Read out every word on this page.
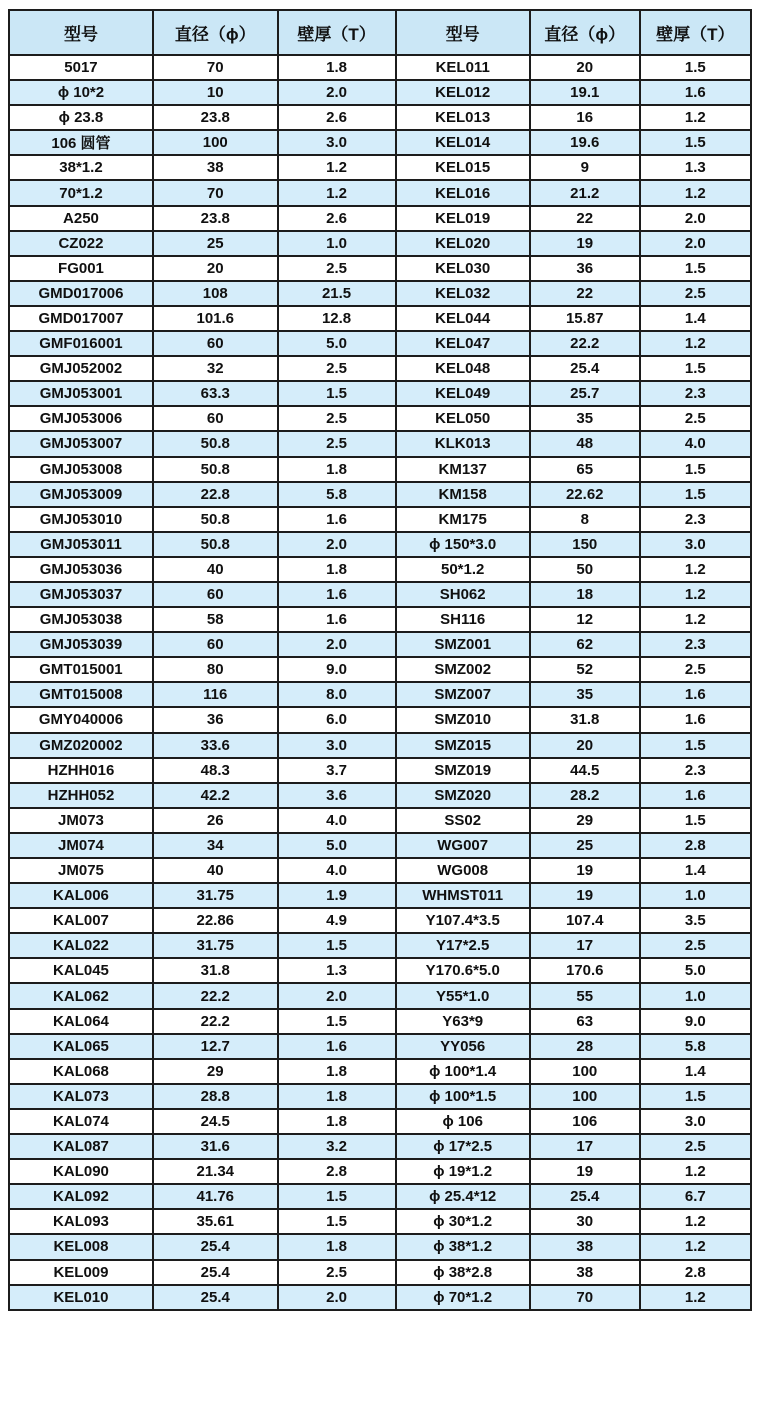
型号	直径（ϕ）	壁厚（T）	型号	直径（ϕ）	壁厚（T）
5017	70	1.8	KEL011	20	1.5
ϕ 10*2	10	2.0	KEL012	19.1	1.6
ϕ 23.8	23.8	2.6	KEL013	16	1.2
106 圆管	100	3.0	KEL014	19.6	1.5
38*1.2	38	1.2	KEL015	9	1.3
70*1.2	70	1.2	KEL016	21.2	1.2
A250	23.8	2.6	KEL019	22	2.0
CZ022	25	1.0	KEL020	19	2.0
FG001	20	2.5	KEL030	36	1.5
GMD017006	108	21.5	KEL032	22	2.5
GMD017007	101.6	12.8	KEL044	15.87	1.4
GMF016001	60	5.0	KEL047	22.2	1.2
GMJ052002	32	2.5	KEL048	25.4	1.5
GMJ053001	63.3	1.5	KEL049	25.7	2.3
GMJ053006	60	2.5	KEL050	35	2.5
GMJ053007	50.8	2.5	KLK013	48	4.0
GMJ053008	50.8	1.8	KM137	65	1.5
GMJ053009	22.8	5.8	KM158	22.62	1.5
GMJ053010	50.8	1.6	KM175	8	2.3
GMJ053011	50.8	2.0	ϕ 150*3.0	150	3.0
GMJ053036	40	1.8	50*1.2	50	1.2
GMJ053037	60	1.6	SH062	18	1.2
GMJ053038	58	1.6	SH116	12	1.2
GMJ053039	60	2.0	SMZ001	62	2.3
GMT015001	80	9.0	SMZ002	52	2.5
GMT015008	116	8.0	SMZ007	35	1.6
GMY040006	36	6.0	SMZ010	31.8	1.6
GMZ020002	33.6	3.0	SMZ015	20	1.5
HZHH016	48.3	3.7	SMZ019	44.5	2.3
HZHH052	42.2	3.6	SMZ020	28.2	1.6
JM073	26	4.0	SS02	29	1.5
JM074	34	5.0	WG007	25	2.8
JM075	40	4.0	WG008	19	1.4
KAL006	31.75	1.9	WHMST011	19	1.0
KAL007	22.86	4.9	Y107.4*3.5	107.4	3.5
KAL022	31.75	1.5	Y17*2.5	17	2.5
KAL045	31.8	1.3	Y170.6*5.0	170.6	5.0
KAL062	22.2	2.0	Y55*1.0	55	1.0
KAL064	22.2	1.5	Y63*9	63	9.0
KAL065	12.7	1.6	YY056	28	5.8
KAL068	29	1.8	ϕ 100*1.4	100	1.4
KAL073	28.8	1.8	ϕ 100*1.5	100	1.5
KAL074	24.5	1.8	ϕ 106	106	3.0
KAL087	31.6	3.2	ϕ 17*2.5	17	2.5
KAL090	21.34	2.8	ϕ 19*1.2	19	1.2
KAL092	41.76	1.5	ϕ 25.4*12	25.4	6.7
KAL093	35.61	1.5	ϕ 30*1.2	30	1.2
KEL008	25.4	1.8	ϕ 38*1.2	38	1.2
KEL009	25.4	2.5	ϕ 38*2.8	38	2.8
KEL010	25.4	2.0	ϕ 70*1.2	70	1.2
